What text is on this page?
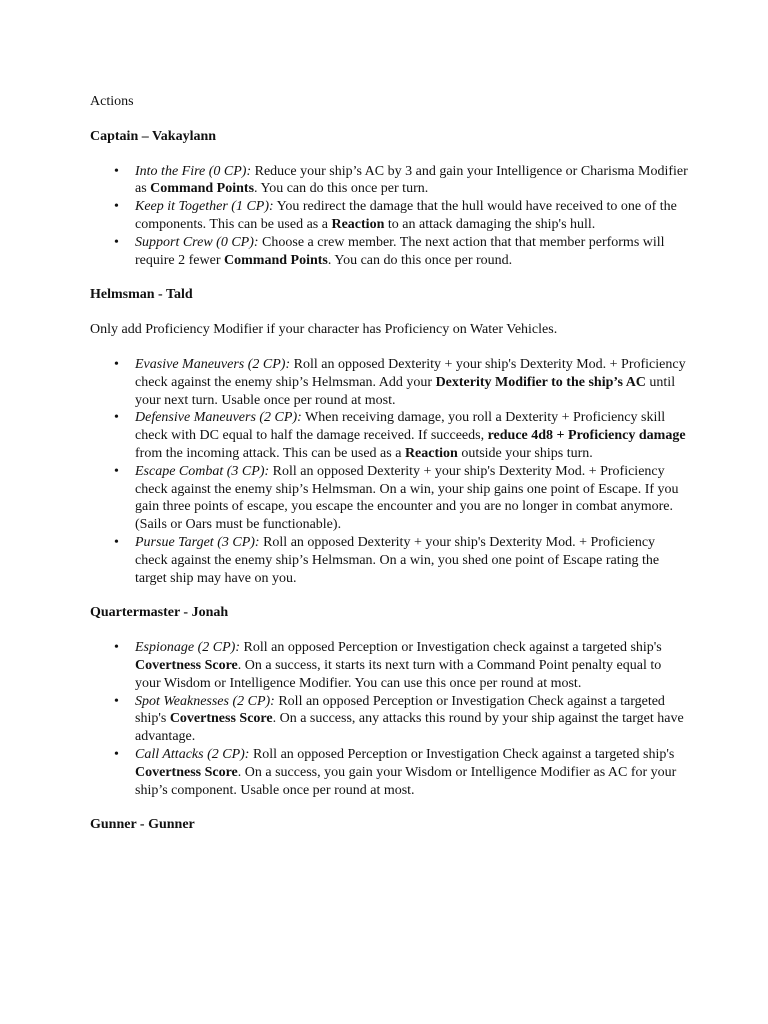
Actions

Captain – Vakaylann

• Into the Fire (0 CP): Reduce your ship’s AC by 3 and gain your Intelligence or Charisma Modifier as Command Points. You can do this once per turn.
• Keep it Together (1 CP): You redirect the damage that the hull would have received to one of the components. This can be used as a Reaction to an attack damaging the ship's hull.
• Support Crew (0 CP): Choose a crew member. The next action that that member performs will require 2 fewer Command Points. You can do this once per round.

Helmsman - Tald

Only add Proficiency Modifier if your character has Proficiency on Water Vehicles.

• Evasive Maneuvers (2 CP): Roll an opposed Dexterity + your ship's Dexterity Mod. + Proficiency check against the enemy ship’s Helmsman. Add your Dexterity Modifier to the ship’s AC until your next turn. Usable once per round at most.
• Defensive Maneuvers (2 CP): When receiving damage, you roll a Dexterity + Proficiency skill check with DC equal to half the damage received. If succeeds, reduce 4d8 + Proficiency damage from the incoming attack. This can be used as a Reaction outside your ships turn.
• Escape Combat (3 CP): Roll an opposed Dexterity + your ship's Dexterity Mod. + Proficiency check against the enemy ship’s Helmsman. On a win, your ship gains one point of Escape. If you gain three points of escape, you escape the encounter and you are no longer in combat anymore. (Sails or Oars must be functionable).
• Pursue Target (3 CP): Roll an opposed Dexterity + your ship's Dexterity Mod. + Proficiency check against the enemy ship’s Helmsman. On a win, you shed one point of Escape rating the target ship may have on you.

Quartermaster - Jonah

• Espionage (2 CP): Roll an opposed Perception or Investigation check against a targeted ship's Covertness Score. On a success, it starts its next turn with a Command Point penalty equal to your Wisdom or Intelligence Modifier. You can use this once per round at most.
• Spot Weaknesses (2 CP): Roll an opposed Perception or Investigation Check against a targeted ship's Covertness Score. On a success, any attacks this round by your ship against the target have advantage.
• Call Attacks (2 CP): Roll an opposed Perception or Investigation Check against a targeted ship's Covertness Score. On a success, you gain your Wisdom or Intelligence Modifier as AC for your ship’s component. Usable once per round at most.

Gunner - Gunner
